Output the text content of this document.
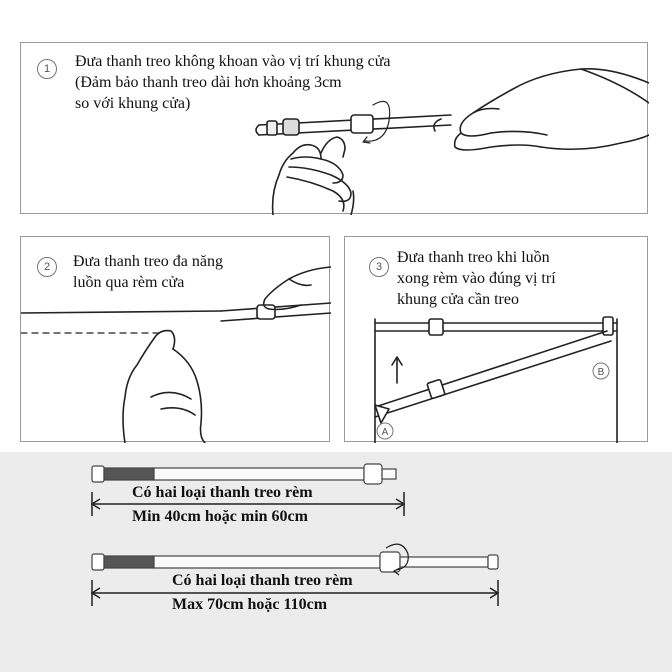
1	Đưa thanh treo không khoan vào vị trí khung cửa
(Đảm bảo thanh treo dài hơn khoảng 3cm
so với khung cửa)
2	Đưa thanh treo đa năng
luồn qua rèm cửa
3
Đưa thanh treo khi luồn
xong rèm vào đúng vị trí
khung cửa cần treo
A
B
Có hai loại thanh treo rèm
Min 40cm hoặc min 60cm
Có hai loại thanh treo rèm
Max 70cm hoặc 110cm
